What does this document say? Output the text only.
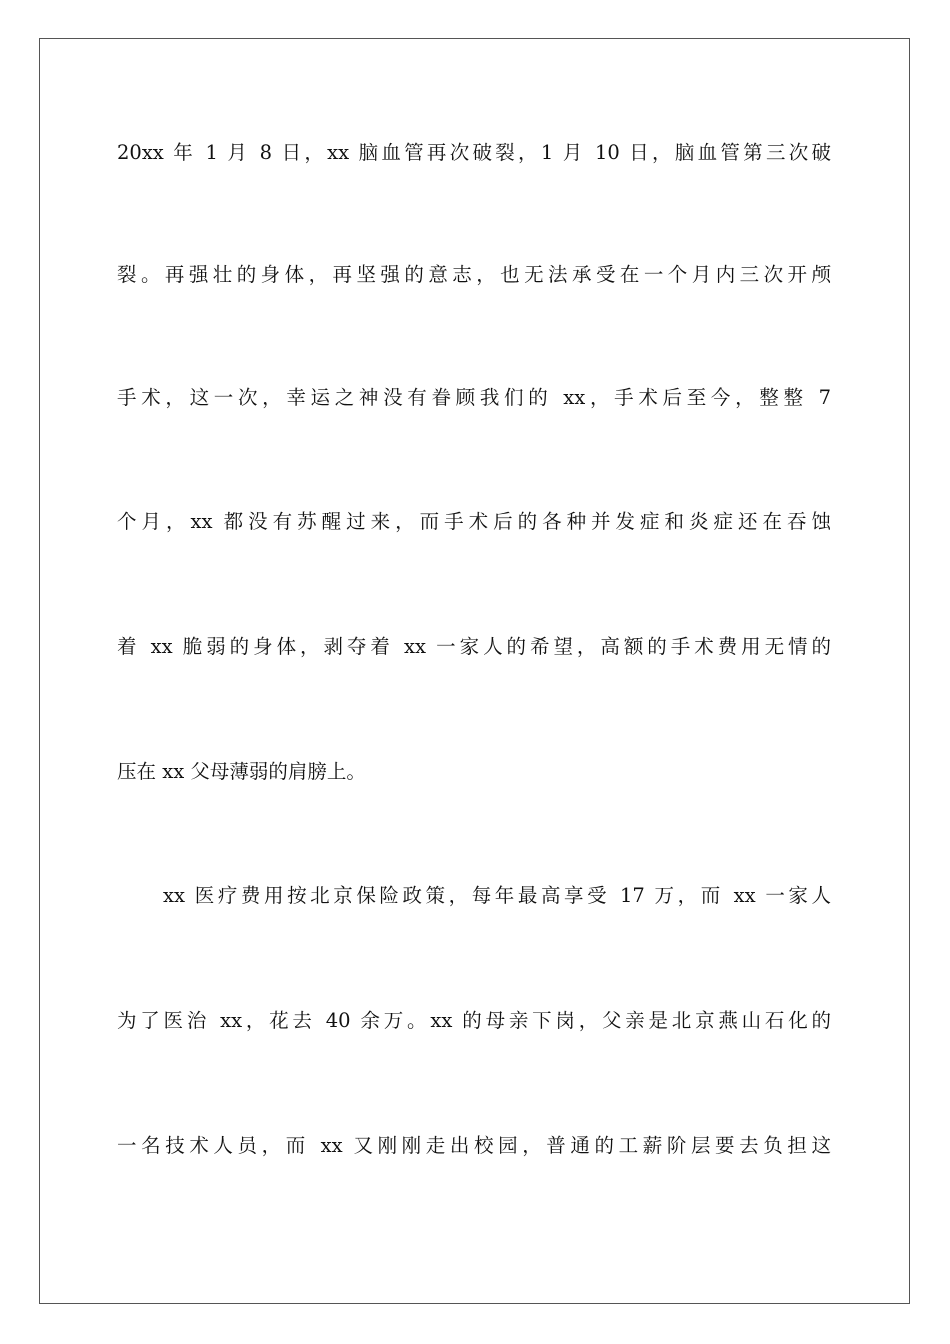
20xx 年 1 月 8 日，xx 脑血管再次破裂，1 月 10 日，脑血管第三次破
裂。再强壮的身体，再坚强的意志，也无法承受在一个月内三次开颅
手术，这一次，幸运之神没有眷顾我们的 xx，手术后至今，整整 7
个月，xx 都没有苏醒过来，而手术后的各种并发症和炎症还在吞蚀
着 xx 脆弱的身体，剥夺着 xx 一家人的希望，高额的手术费用无情的
压在 xx 父母薄弱的肩膀上。
xx 医疗费用按北京保险政策，每年最高享受 17 万，而 xx 一家人
为了医治 xx，花去 40 余万。xx 的母亲下岗，父亲是北京燕山石化的
一名技术人员，而 xx 又刚刚走出校园，普通的工薪阶层要去负担这
